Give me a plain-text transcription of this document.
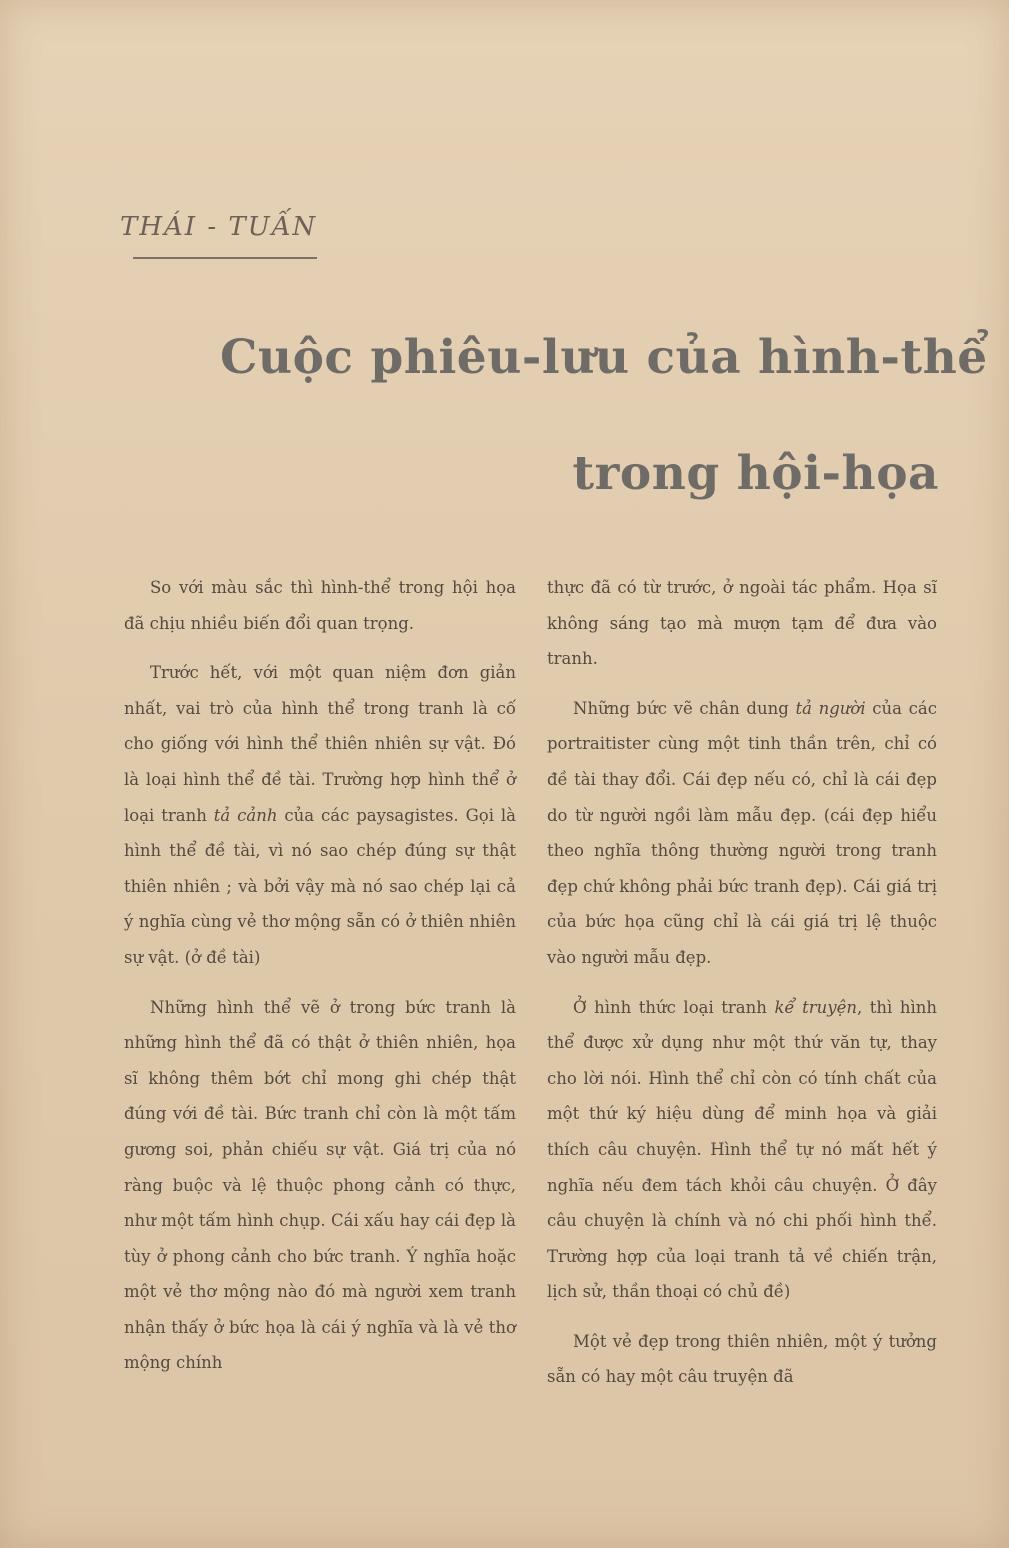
THÁI - TUẤN
Cuộc phiêu-lưu của hình-thể
trong hội-họa

So với màu sắc thì hình-thể trong hội họa đã chịu nhiều biến đổi quan trọng.

Trước hết, với một quan niệm đơn giản nhất, vai trò của hình thể trong tranh là cố cho giống với hình thể thiên nhiên sự vật. Đó là loại hình thể đề tài. Trường hợp hình thể ở loại tranh tả cảnh của các paysagistes. Gọi là hình thể đề tài, vì nó sao chép đúng sự thật thiên nhiên ; và bởi vậy mà nó sao chép lại cả ý nghĩa cùng vẻ thơ mộng sẵn có ở thiên nhiên sự vật. (ở đề tài)

Những hình thể vẽ ở trong bức tranh là những hình thể đã có thật ở thiên nhiên, họa sĩ không thêm bớt chỉ mong ghi chép thật đúng với đề tài. Bức tranh chỉ còn là một tấm gương soi, phản chiếu sự vật. Giá trị của nó ràng buộc và lệ thuộc phong cảnh có thực, như một tấm hình chụp. Cái xấu hay cái đẹp là tùy ở phong cảnh cho bức tranh. Ý nghĩa hoặc một vẻ thơ mộng nào đó mà người xem tranh nhận thấy ở bức họa là cái ý nghĩa và là vẻ thơ mộng chính

thực đã có từ trước, ở ngoài tác phẩm. Họa sĩ không sáng tạo mà mượn tạm để đưa vào tranh.

Những bức vẽ chân dung tả người của các portraitister cùng một tinh thần trên, chỉ có đề tài thay đổi. Cái đẹp nếu có, chỉ là cái đẹp do từ người ngồi làm mẫu đẹp. (cái đẹp hiểu theo nghĩa thông thường người trong tranh đẹp chứ không phải bức tranh đẹp). Cái giá trị của bức họa cũng chỉ là cái giá trị lệ thuộc vào người mẫu đẹp.

Ở hình thức loại tranh kể truyện, thì hình thể được xử dụng như một thứ văn tự, thay cho lời nói. Hình thể chỉ còn có tính chất của một thứ ký hiệu dùng để minh họa và giải thích câu chuyện. Hình thể tự nó mất hết ý nghĩa nếu đem tách khỏi câu chuyện. Ở đây câu chuyện là chính và nó chi phối hình thể. Trường hợp của loại tranh tả về chiến trận, lịch sử, thần thoại có chủ đề)

Một vẻ đẹp trong thiên nhiên, một ý tưởng sẵn có hay một câu truyện đã
